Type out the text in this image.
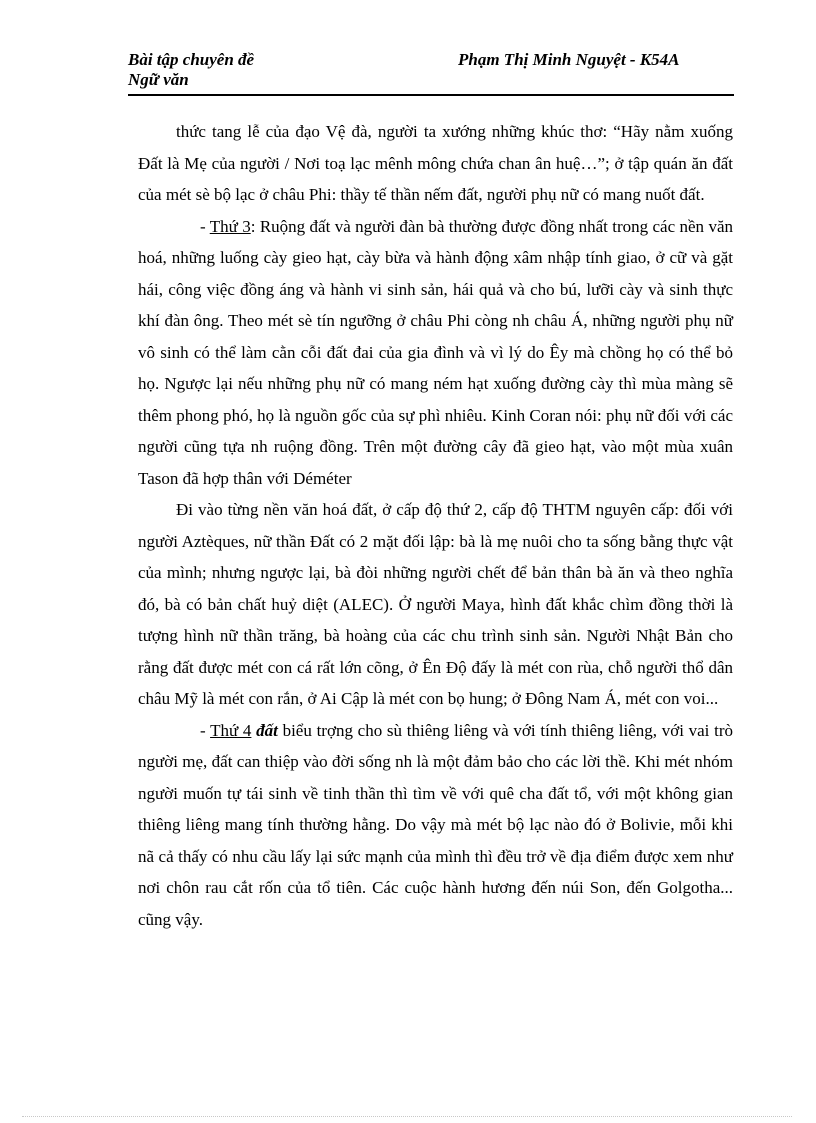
Bài tập chuyên đề
Ngữ văn
Phạm Thị Minh Nguyệt - K54A

thức tang lễ của đạo Vệ đà, người ta xướng những khúc thơ: “Hãy nằm xuống Đất là Mẹ của người / Nơi toạ lạc mênh mông chứa chan ân huệ…”; ở tập quán ăn đất của mét sè bộ lạc ở châu Phi: thầy tế thần nếm đất, người phụ nữ có mang nuốt đất.

- Thứ 3: Ruộng đất và người đàn bà thường được đồng nhất trong các nền văn hoá, những luống cày gieo hạt, cày bừa và hành động xâm nhập tính giao, ở cữ và gặt hái, công việc đồng áng và hành vi sinh sản, hái quả và cho bú, lưỡi cày và sinh thực khí đàn ông. Theo mét sè tín ngưỡng ở châu Phi còng nh châu Á, những người phụ nữ vô sinh có thể làm cằn cỗi đất đai của gia đình và vì lý do Êy mà chồng họ có thể bỏ họ. Ngược lại nếu những phụ nữ có mang ném hạt xuống đường cày thì mùa màng sẽ thêm phong phó, họ là nguồn gốc của sự phì nhiêu. Kinh Coran nói: phụ nữ đối với các người cũng tựa nh ruộng đồng. Trên một đường cây đã gieo hạt, vào một mùa xuân Tason đã hợp thân với Déméter

Đi vào từng nền văn hoá đất, ở cấp độ thứ 2, cấp độ THTM nguyên cấp: đối với người Aztèques, nữ thần Đất có 2 mặt đối lập: bà là mẹ nuôi cho ta sống bằng thực vật của mình; nhưng ngược lại, bà đòi những người chết để bản thân bà ăn và theo nghĩa đó, bà có bản chất huỷ diệt (ALEC). Ở người Maya, hình đất khắc chìm đồng thời là tượng hình nữ thần trăng, bà hoàng của các chu trình sinh sản. Người Nhật Bản cho rằng đất được mét con cá rất lớn cõng, ở Ên Độ đấy là mét con rùa, chỗ người thổ dân châu Mỹ là mét con rắn, ở Ai Cập là mét con bọ hung; ở Đông Nam Á, mét con voi...

- Thứ 4 đất biểu trợng cho sù thiêng liêng và với tính thiêng liêng, với vai trò người mẹ, đất can thiệp vào đời sống nh là một đảm bảo cho các lời thề. Khi mét nhóm người muốn tự tái sinh về tinh thần thì tìm về với quê cha đất tổ, với một không gian thiêng liêng mang tính thường hằng. Do vậy mà mét bộ lạc nào đó ở Bolivie, mỗi khi nã cả thấy có nhu cầu lấy lại sức mạnh của mình thì đều trở về địa điểm được xem như nơi chôn rau cắt rốn của tổ tiên. Các cuộc hành hương đến núi Son, đến Golgotha... cũng vậy.
